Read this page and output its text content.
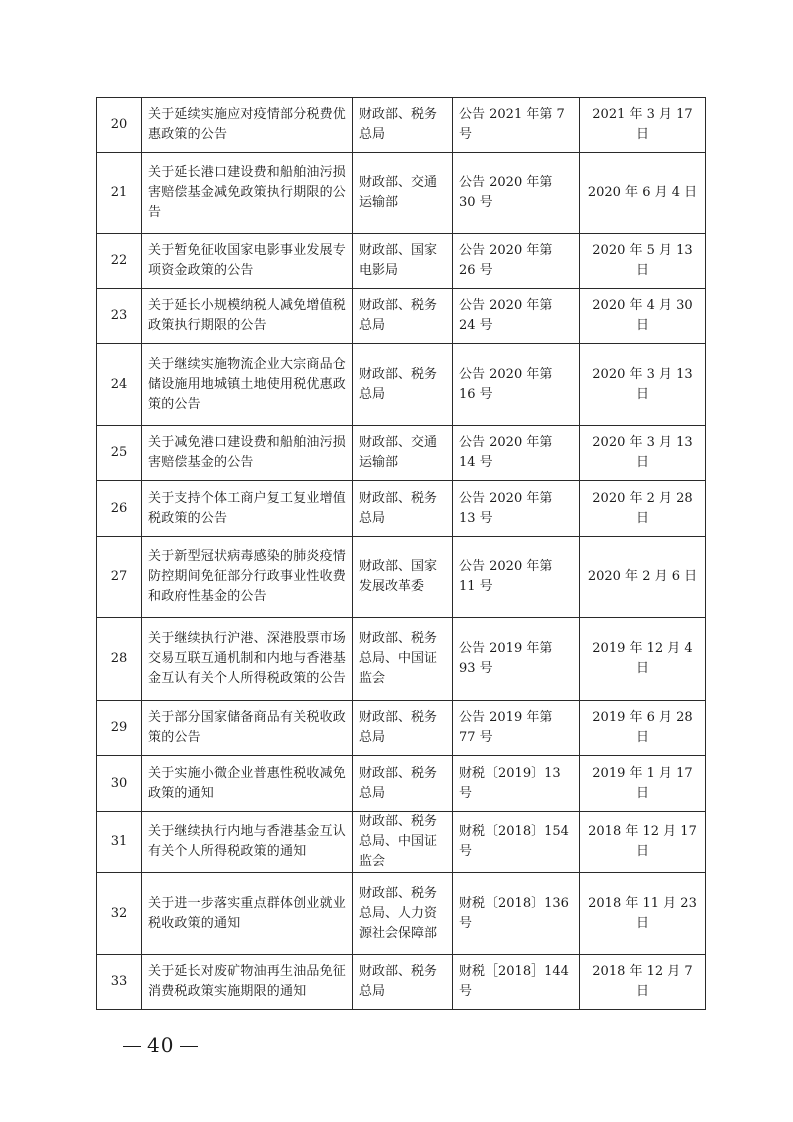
20	关于延续实施应对疫情部分税费优惠政策的公告	财政部、税务总局	公告 2021 年第 7 号	2021 年 3 月 17 日
21	关于延长港口建设费和船舶油污损害赔偿基金减免政策执行期限的公告	财政部、交通运输部	公告 2020 年第 30 号	2020 年 6 月 4 日
22	关于暂免征收国家电影事业发展专项资金政策的公告	财政部、国家电影局	公告 2020 年第 26 号	2020 年 5 月 13 日
23	关于延长小规模纳税人减免增值税政策执行期限的公告	财政部、税务总局	公告 2020 年第 24 号	2020 年 4 月 30 日
24	关于继续实施物流企业大宗商品仓储设施用地城镇土地使用税优惠政策的公告	财政部、税务总局	公告 2020 年第 16 号	2020 年 3 月 13 日
25	关于减免港口建设费和船舶油污损害赔偿基金的公告	财政部、交通运输部	公告 2020 年第 14 号	2020 年 3 月 13 日
26	关于支持个体工商户复工复业增值税政策的公告	财政部、税务总局	公告 2020 年第 13 号	2020 年 2 月 28 日
27	关于新型冠状病毒感染的肺炎疫情防控期间免征部分行政事业性收费和政府性基金的公告	财政部、国家发展改革委	公告 2020 年第 11 号	2020 年 2 月 6 日
28	关于继续执行沪港、深港股票市场交易互联互通机制和内地与香港基金互认有关个人所得税政策的公告	财政部、税务总局、中国证监会	公告 2019 年第 93 号	2019 年 12 月 4 日
29	关于部分国家储备商品有关税收政策的公告	财政部、税务总局	公告 2019 年第 77 号	2019 年 6 月 28 日
30	关于实施小微企业普惠性税收减免政策的通知	财政部、税务总局	财税〔2019〕13 号	2019 年 1 月 17 日
31	关于继续执行内地与香港基金互认有关个人所得税政策的通知	财政部、税务总局、中国证监会	财税〔2018〕154 号	2018 年 12 月 17 日
32	关于进一步落实重点群体创业就业税收政策的通知	财政部、税务总局、人力资源社会保障部	财税〔2018〕136 号	2018 年 11 月 23 日
33	关于延长对废矿物油再生油品免征消费税政策实施期限的通知	财政部、税务总局	财税［2018］144 号	2018 年 12 月 7 日
40
